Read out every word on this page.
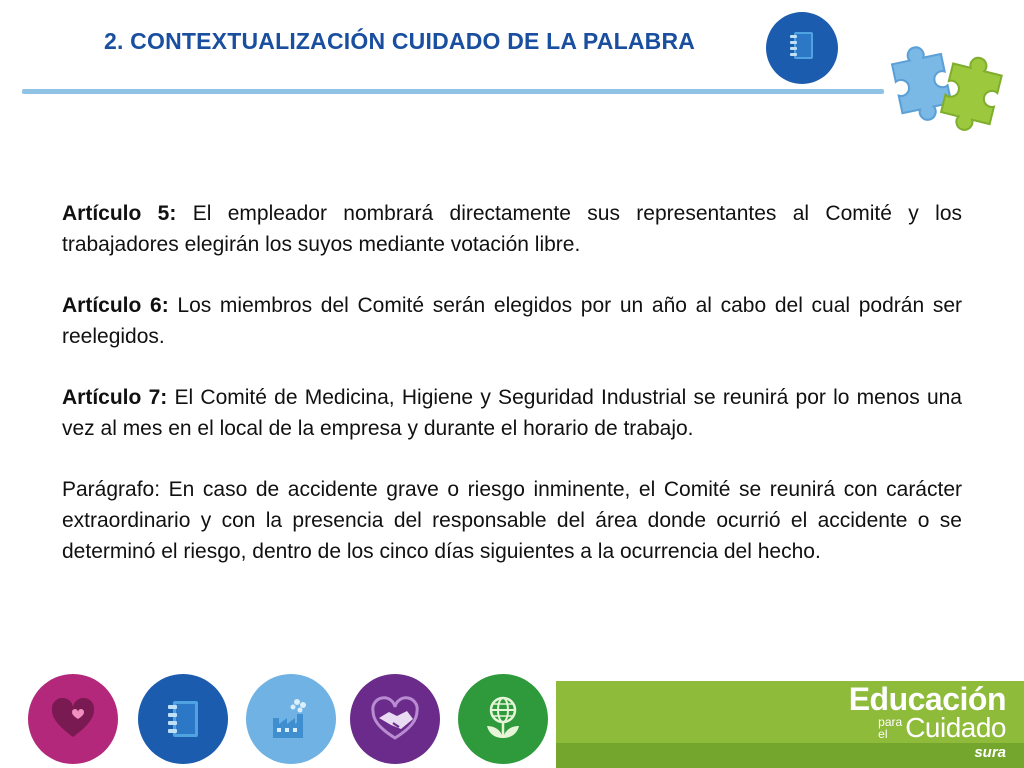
2. CONTEXTUALIZACIÓN CUIDADO DE LA PALABRA

Artículo 5: El empleador nombrará directamente sus representantes al Comité y los trabajadores elegirán los suyos mediante votación libre.

Artículo 6: Los miembros del Comité serán elegidos por un año al cabo del cual podrán ser reelegidos.

Artículo 7: El Comité de Medicina, Higiene y Seguridad Industrial se reunirá por lo menos una vez al mes en el local de la empresa y durante el horario de trabajo.

Parágrafo: En caso de accidente grave o riesgo inminente, el Comité se reunirá con carácter extraordinario y con la presencia del responsable del área donde ocurrió el accidente o se determinó el riesgo, dentro de los cinco días siguientes a la ocurrencia del hecho.

Educación
para
el Cuidado
sura
